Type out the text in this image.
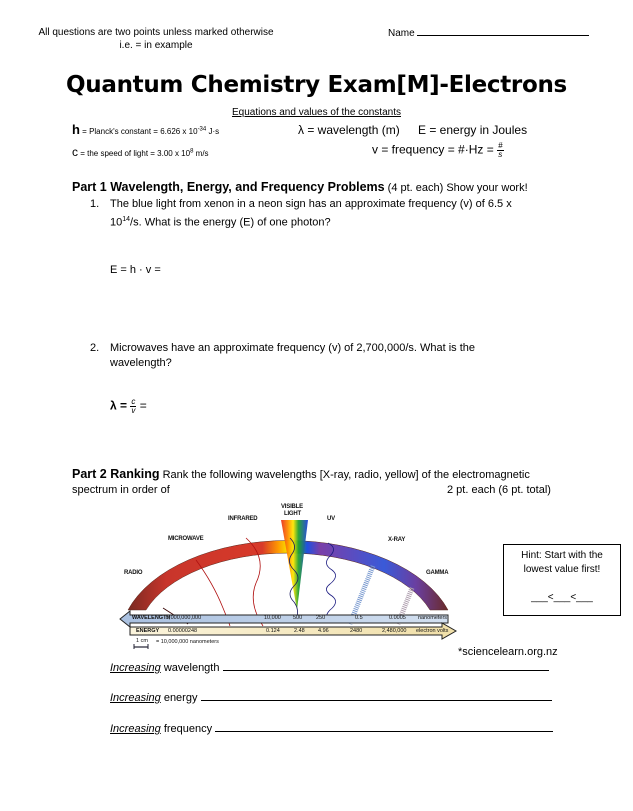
All questions are two points unless marked otherwise
i.e. = in example
Name
Quantum Chemistry Exam[M]-Electrons
Equations and values of the constants
h = Planck's constant = 6.626 x $10^{-34}$ J·s	λ = wavelength (m) E = energy in Joules
c = the speed of light = 3.00 x $10^8$ m/s	v = frequency = #·Hz = $\frac{\#}{s}$
Part 1 Wavelength, Energy, and Frequency Problems (4 pt. each) Show your work!
1. The blue light from xenon in a neon sign has an approximate frequency (v) of 6.5 x
$10^{14}/s$. What is the energy (E) of one photon?
E = h · v =
2. Microwaves have an approximate frequency (v) of 2,700,000/s. What is the
wavelength?
$\lambda = \frac{c}{v}$ =
Part 2 Ranking Rank the following wavelengths [X-ray, radio, yellow] of the electromagnetic
spectrum in order of	2 pt. each (6 pt. total)
RADIO
MICROWAVE
INFRARED
VISIBLE
LIGHT
UV
X-RAY
GAMMA
WAVELENGTH
5,000,000,000	10,000 500	250	0.5	0.0005 nanometers
ENERGY 0.00000248	0.124	2.48 4.96	2480	2,480,000 electron volts
1 cm = 10,000,000 nanometers
Hint: Start with the
lowest value first!
___<___<___
*sciencelearn.org.nz
Increasing wavelength
Increasing energy
Increasing frequency
